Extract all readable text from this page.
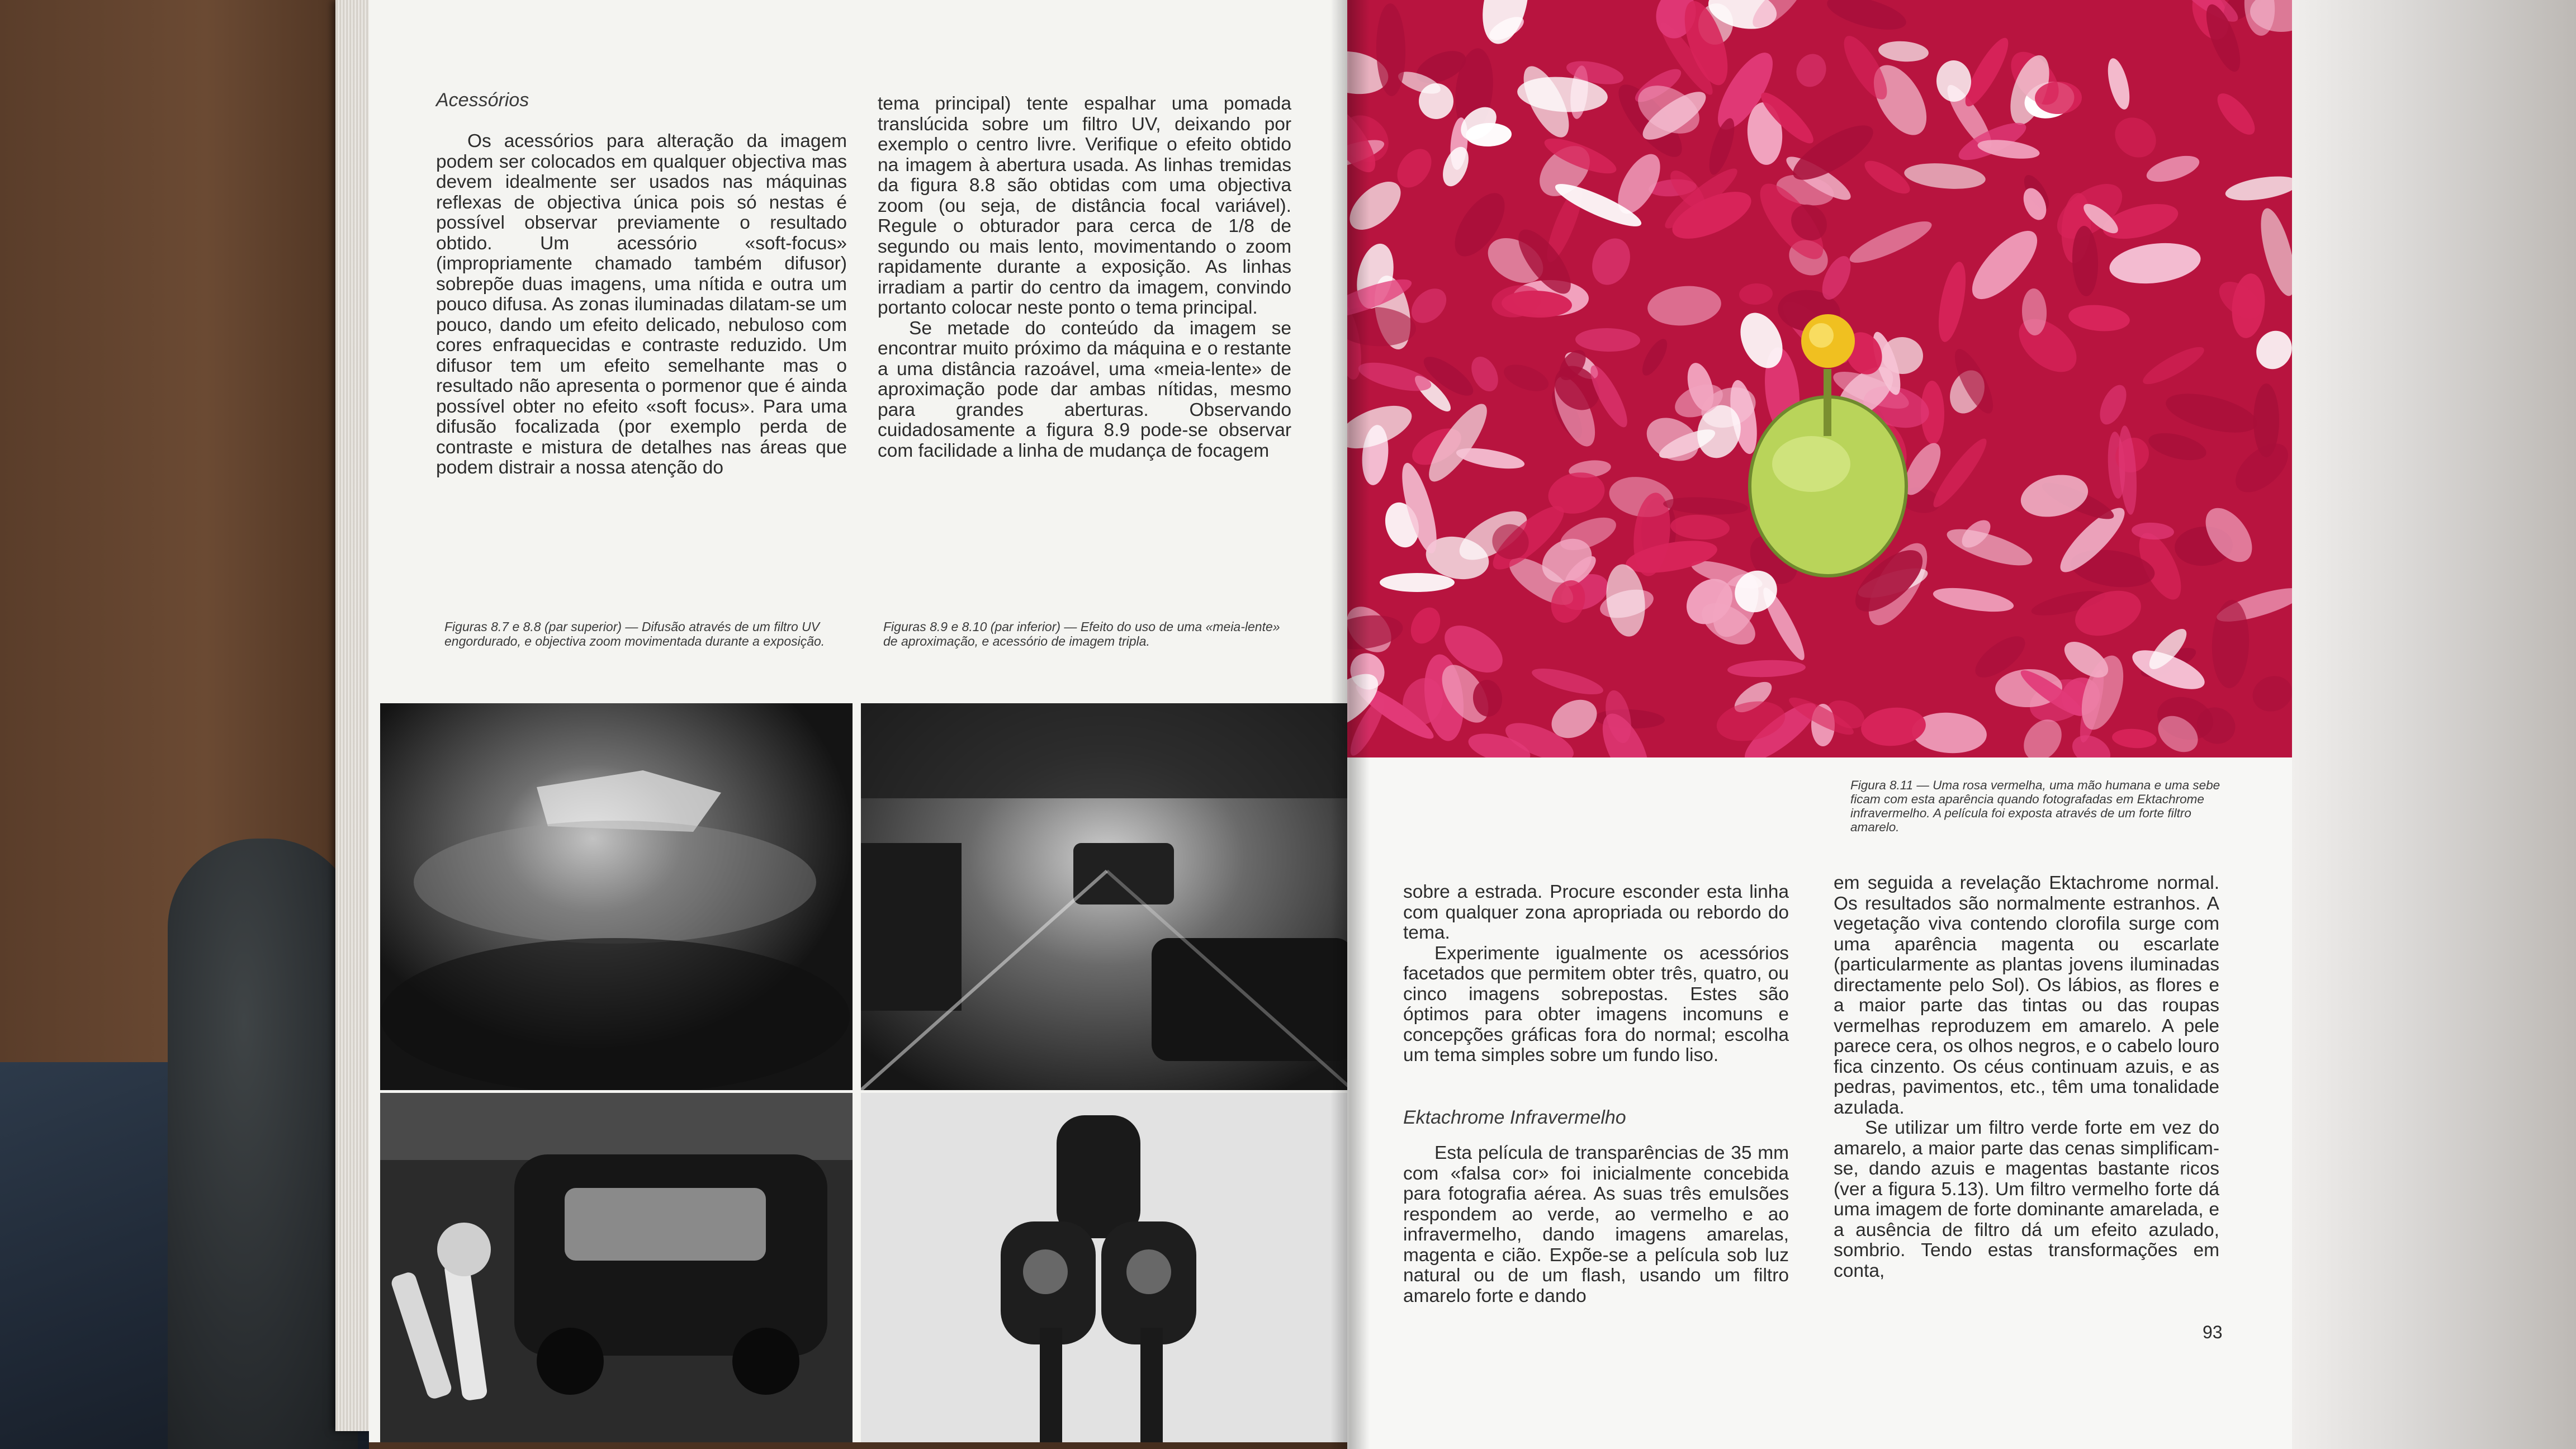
Acessórios

Os acessórios para alteração da imagem podem ser colocados em qualquer objectiva mas devem idealmente ser usados nas máquinas reflexas de objectiva única pois só nestas é possível observar previamente o resultado obtido. Um acessório «soft-focus» (impropriamente chamado também difusor) sobrepõe duas imagens, uma nítida e outra um pouco difusa. As zonas iluminadas dilatam-se um pouco, dando um efeito delicado, nebuloso com cores enfraquecidas e contraste reduzido. Um difusor tem um efeito semelhante mas o resultado não apresenta o pormenor que é ainda possível obter no efeito «soft focus». Para uma difusão focalizada (por exemplo perda de contraste e mistura de detalhes nas áreas que podem distrair a nossa atenção do

tema principal) tente espalhar uma pomada translúcida sobre um filtro UV, deixando por exemplo o centro livre. Verifique o efeito obtido na imagem à abertura usada. As linhas tremidas da figura 8.8 são obtidas com uma objectiva zoom (ou seja, de distância focal variável). Regule o obturador para cerca de 1/8 de segundo ou mais lento, movimentando o zoom rapidamente durante a exposição. As linhas irradiam a partir do centro da imagem, convindo portanto colocar neste ponto o tema principal.

Se metade do conteúdo da imagem se encontrar muito próximo da máquina e o restante a uma distância razoável, uma «meia-lente» de aproximação pode dar ambas nítidas, mesmo para grandes aberturas. Observando cuidadosamente a figura 8.9 pode-se observar com facilidade a linha de mudança de focagem

Figuras 8.7 e 8.8 (par superior) — Difusão através de um filtro UV engordurado, e objectiva zoom movimentada durante a exposição.
Figuras 8.9 e 8.10 (par inferior) — Efeito do uso de uma «meia-lente» de aproximação, e acessório de imagem tripla.
Figura 8.11 — Uma rosa vermelha, uma mão humana e uma sebe ficam com esta aparência quando fotografadas em Ektachrome infravermelho. A película foi exposta através de um forte filtro amarelo.

sobre a estrada. Procure esconder esta linha com qualquer zona apropriada ou rebordo do tema.

Experimente igualmente os acessórios facetados que permitem obter três, quatro, ou cinco imagens sobrepostas. Estes são óptimos para obter imagens incomuns e concepções gráficas fora do normal; escolha um tema simples sobre um fundo liso.

Ektachrome Infravermelho

Esta película de transparências de 35 mm com «falsa cor» foi inicialmente concebida para fotografia aérea. As suas três emulsões respondem ao verde, ao vermelho e ao infravermelho, dando imagens amarelas, magenta e cião. Expõe-se a película sob luz natural ou de um flash, usando um filtro amarelo forte e dando

em seguida a revelação Ektachrome normal. Os resultados são normalmente estranhos. A vegetação viva contendo clorofila surge com uma aparência magenta ou escarlate (particularmente as plantas jovens iluminadas directamente pelo Sol). Os lábios, as flores e a maior parte das tintas ou das roupas vermelhas reproduzem em amarelo. A pele parece cera, os olhos negros, e o cabelo louro fica cinzento. Os céus continuam azuis, e as pedras, pavimentos, etc., têm uma tonalidade azulada.

Se utilizar um filtro verde forte em vez do amarelo, a maior parte das cenas simplificam-se, dando azuis e magentas bastante ricos (ver a figura 5.13). Um filtro vermelho forte dá uma imagem de forte dominante amarelada, e a ausência de filtro dá um efeito azulado, sombrio. Tendo estas transformações em conta,

93
